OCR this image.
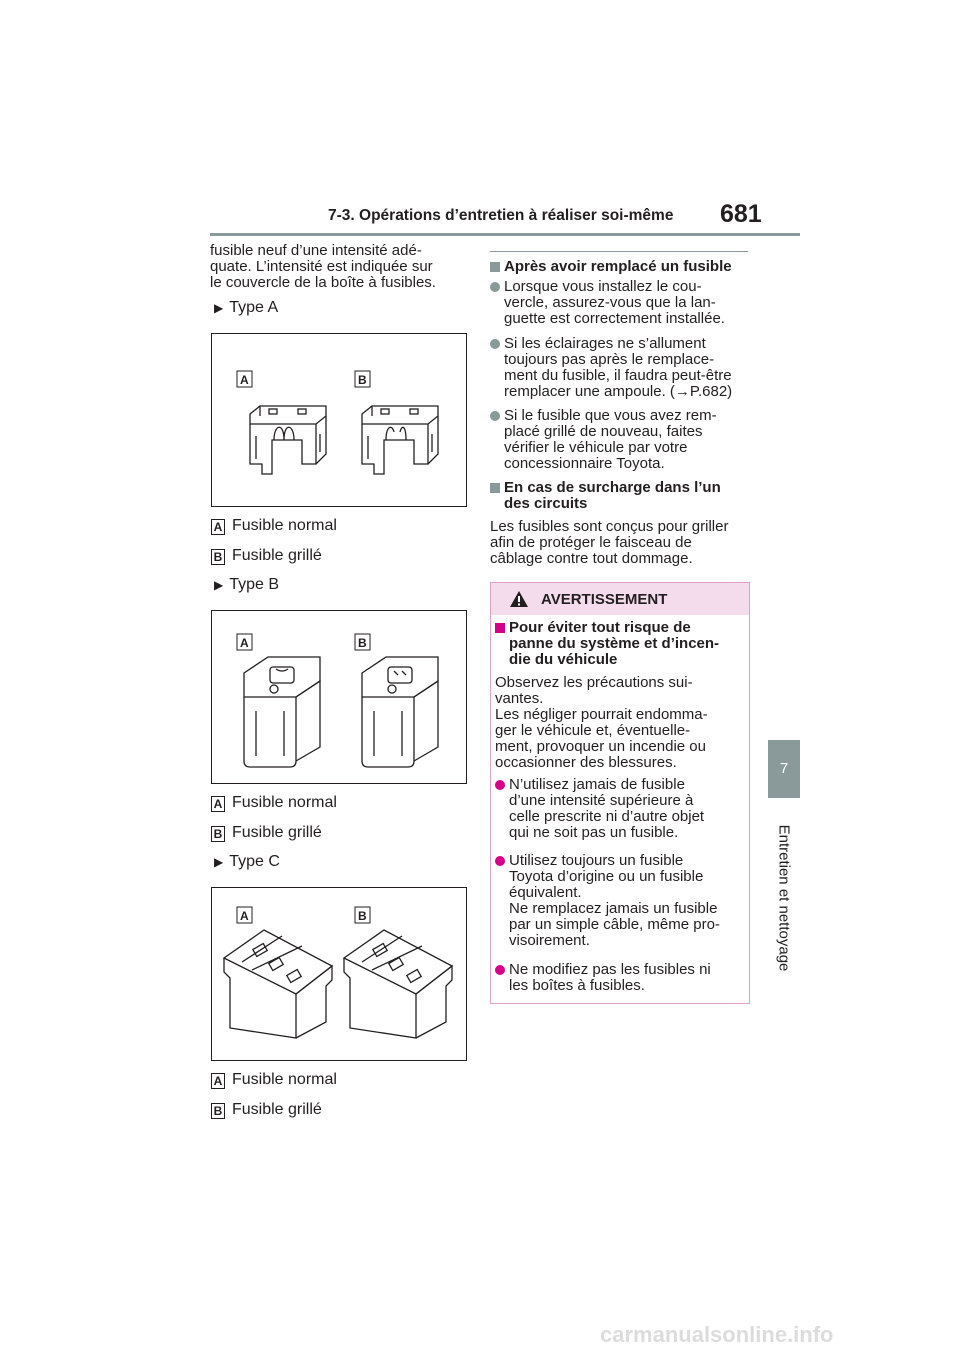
7-3. Opérations d’entretien à réaliser soi-même 681
7
Entretien et nettoyage

fusible neuf d’une intensité adé-

quate. L’intensité est indiquée sur

le couvercle de la boîte à fusibles.

▶ Type A
A	B
A Fusible normal
B Fusible grillé
▶ Type B
A	B
A Fusible normal
B Fusible grillé
▶ Type C
A	B
A Fusible normal
B Fusible grillé
Après avoir remplacé un fusible

Lorsque vous installez le cou-

vercle, assurez-vous que la lan-

guette est correctement installée.

Si les éclairages ne s’allument

toujours pas après le remplace-

ment du fusible, il faudra peut-être

remplacer une ampoule. (→P.682)

Si le fusible que vous avez rem-

placé grillé de nouveau, faites

vérifier le véhicule par votre

concessionnaire Toyota.

En cas de surcharge dans l’un

des circuits

Les fusibles sont conçus pour griller

afin de protéger le faisceau de

câblage contre tout dommage.

AVERTISSEMENT

Pour éviter tout risque de

panne du système et d’incen-

die du véhicule

Observez les précautions sui-

vantes.

Les négliger pourrait endomma-

ger le véhicule et, éventuelle-

ment, provoquer un incendie ou

occasionner des blessures.

N’utilisez jamais de fusible

d’une intensité supérieure à

celle prescrite ni d’autre objet

qui ne soit pas un fusible.

Utilisez toujours un fusible

Toyota d’origine ou un fusible

équivalent.

Ne remplacez jamais un fusible

par un simple câble, même pro-

visoirement.

Ne modifiez pas les fusibles ni

les boîtes à fusibles.

carmanualsonline.info
